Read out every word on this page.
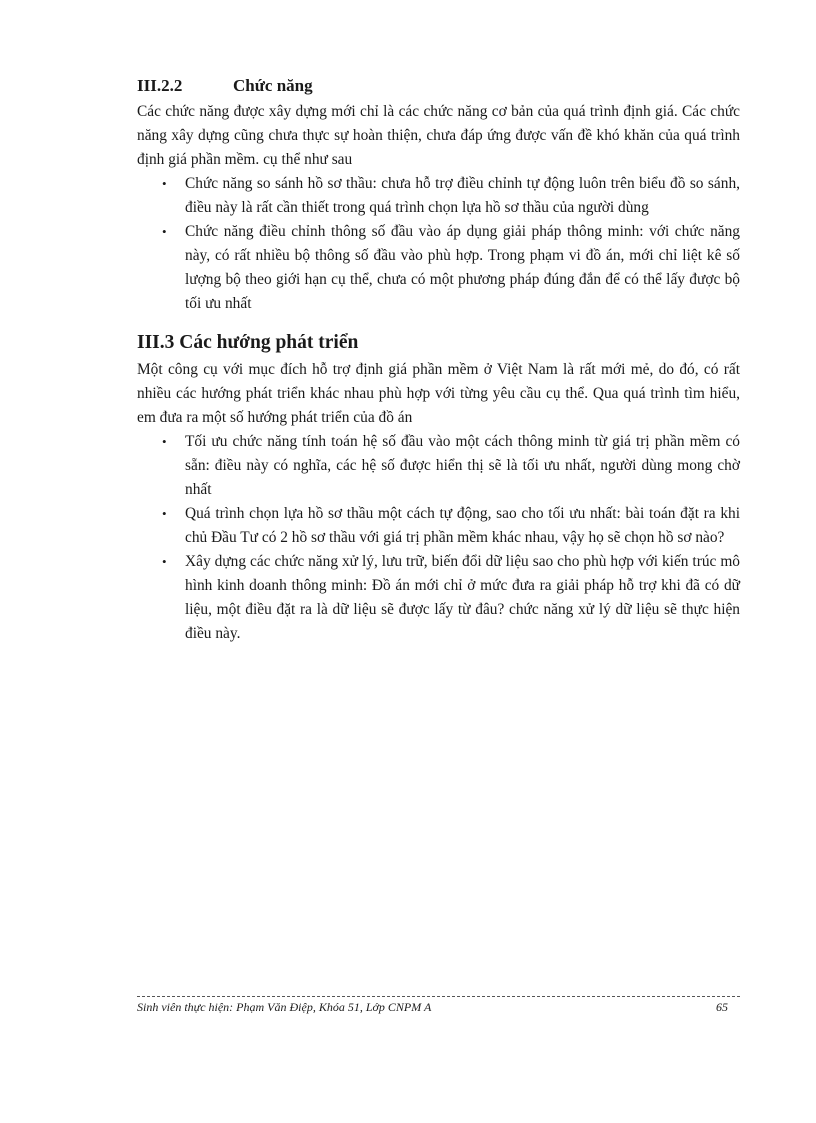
III.2.2	Chức năng

Các chức năng được xây dựng mới chỉ là các chức năng cơ bản của quá trình định giá. Các chức năng xây dựng cũng chưa thực sự hoàn thiện, chưa đáp ứng được vấn đề khó khăn của quá trình định giá phần mềm. cụ thể như sau

• Chức năng so sánh hồ sơ thầu: chưa hỗ trợ điều chỉnh tự động luôn trên biểu đồ so sánh, điều này là rất cần thiết trong quá trình chọn lựa hồ sơ thầu của người dùng
• Chức năng điều chỉnh thông số đầu vào áp dụng giải pháp thông minh: với chức năng này, có rất nhiều bộ thông số đầu vào phù hợp. Trong phạm vi đồ án, mới chỉ liệt kê số lượng bộ theo giới hạn cụ thể, chưa có một phương pháp đúng đắn để có thể lấy được bộ tối ưu nhất
III.3 Các hướng phát triển

Một công cụ với mục đích hỗ trợ định giá phần mềm ở Việt Nam là rất mới mẻ, do đó, có rất nhiều các hướng phát triển khác nhau phù hợp với từng yêu cầu cụ thể. Qua quá trình tìm hiểu, em đưa ra một số hướng phát triển của đồ án

• Tối ưu chức năng tính toán hệ số đầu vào một cách thông minh từ giá trị phần mềm có sẵn: điều này có nghĩa, các hệ số được hiển thị sẽ là tối ưu nhất, người dùng mong chờ nhất
• Quá trình chọn lựa hồ sơ thầu một cách tự động, sao cho tối ưu nhất: bài toán đặt ra khi chủ Đầu Tư có 2 hồ sơ thầu với giá trị phần mềm khác nhau, vậy họ sẽ chọn hồ sơ nào?
• Xây dựng các chức năng xử lý, lưu trữ, biến đổi dữ liệu sao cho phù hợp với kiến trúc mô hình kinh doanh thông minh: Đồ án mới chỉ ở mức đưa ra giải pháp hỗ trợ khi đã có dữ liệu, một điều đặt ra là dữ liệu sẽ được lấy từ đâu? chức năng xử lý dữ liệu sẽ thực hiện điều này.
Sinh viên thực hiện: Phạm Văn Điệp, Khóa 51, Lớp CNPM A	65
